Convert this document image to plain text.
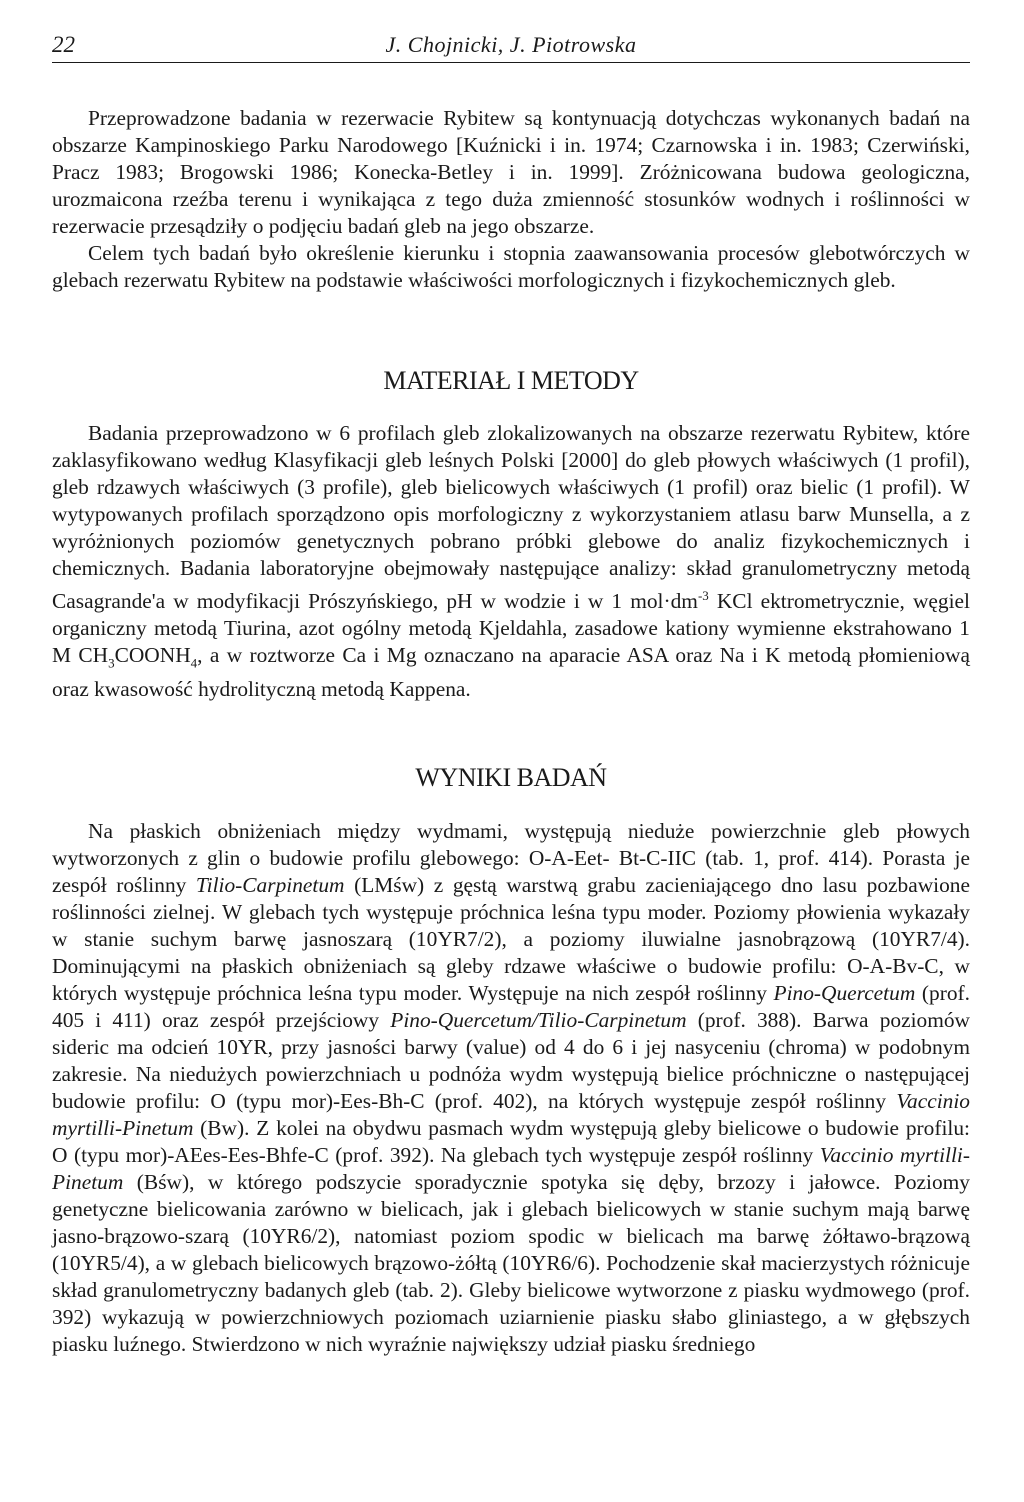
22	J. Chojnicki, J. Piotrowska

Przeprowadzone badania w rezerwacie Rybitew są kontynuacją dotychczas wykonanych badań na obszarze Kampinoskiego Parku Narodowego [Kuźnicki i in. 1974; Czarnowska i in. 1983; Czerwiński, Pracz 1983; Brogowski 1986; Konecka-Betley i in. 1999]. Zróżnicowana budowa geologiczna, urozmaicona rzeźba terenu i wynikająca z tego duża zmienność stosunków wodnych i roślinności w rezerwacie przesądziły o podjęciu badań gleb na jego obszarze.

Celem tych badań było określenie kierunku i stopnia zaawansowania procesów glebotwórczych w glebach rezerwatu Rybitew na podstawie właściwości morfologicznych i fizykochemicznych gleb.

MATERIAŁ I METODY

Badania przeprowadzono w 6 profilach gleb zlokalizowanych na obszarze rezerwatu Rybitew, które zaklasyfikowano według Klasyfikacji gleb leśnych Polski [2000] do gleb płowych właściwych (1 profil), gleb rdzawych właściwych (3 profile), gleb bielicowych właściwych (1 profil) oraz bielic (1 profil). W wytypowanych profilach sporządzono opis morfologiczny z wykorzystaniem atlasu barw Munsella, a z wyróżnionych poziomów genetycznych pobrano próbki glebowe do analiz fizykochemicznych i chemicznych. Badania laboratoryjne obejmowały następujące analizy: skład granulometryczny metodą Casagrande'a w modyfikacji Prószyńskiego, pH w wodzie i w 1 $mol\cdot dm^{-3}$ KCl ektrometrycznie, węgiel organiczny metodą Tiurina, azot ogólny metodą Kjeldahla, zasadowe kationy wymienne ekstrahowano 1 M $CH_3COONH_4$, a w roztworze Ca i Mg oznaczano na aparacie ASA oraz Na i K metodą płomieniową oraz kwasowość hydrolityczną metodą Kappena.

WYNIKI BADAŃ

Na płaskich obniżeniach między wydmami, występują nieduże powierzchnie gleb płowych wytworzonych z glin o budowie profilu glebowego: O-A-Eet- Bt-C-IIC (tab. 1, prof. 414). Porasta je zespół roślinny Tilio-Carpinetum (LMśw) z gęstą warstwą grabu zacieniającego dno lasu pozbawione roślinności zielnej. W glebach tych występuje próchnica leśna typu moder. Poziomy płowienia wykazały w stanie suchym barwę jasnoszarą (10YR7/2), a poziomy iluwialne jasnobrązową (10YR7/4). Dominującymi na płaskich obniżeniach są gleby rdzawe właściwe o budowie profilu: O-A-Bv-C, w których występuje próchnica leśna typu moder. Występuje na nich zespół roślinny Pino-Quercetum (prof. 405 i 411) oraz zespół przejściowy Pino-Quercetum/Tilio-Carpinetum (prof. 388). Barwa poziomów sideric ma odcień 10YR, przy jasności barwy (value) od 4 do 6 i jej nasyceniu (chroma) w podobnym zakresie. Na niedużych powierzchniach u podnóża wydm występują bielice próchniczne o następującej budowie profilu: O (typu mor)-Ees-Bh-C (prof. 402), na których występuje zespół roślinny Vaccinio myrtilli-Pinetum (Bw). Z kolei na obydwu pasmach wydm występują gleby bielicowe o budowie profilu: O (typu mor)-AEes-Ees-Bhfe-C (prof. 392). Na glebach tych występuje zespół roślinny Vaccinio myrtilli-Pinetum (Bśw), w którego podszycie sporadycznie spotyka się dęby, brzozy i jałowce. Poziomy genetyczne bielicowania zarówno w bielicach, jak i glebach bielicowych w stanie suchym mają barwę jasno-brązowo-szarą (10YR6/2), natomiast poziom spodic w bielicach ma barwę żółtawo-brązową (10YR5/4), a w glebach bielicowych brązowo-żółtą (10YR6/6). Pochodzenie skał macierzystych różnicuje skład granulometryczny badanych gleb (tab. 2). Gleby bielicowe wytworzone z piasku wydmowego (prof. 392) wykazują w powierzchniowych poziomach uziarnienie piasku słabo gliniastego, a w głębszych piasku luźnego. Stwierdzono w nich wyraźnie największy udział piasku średniego
